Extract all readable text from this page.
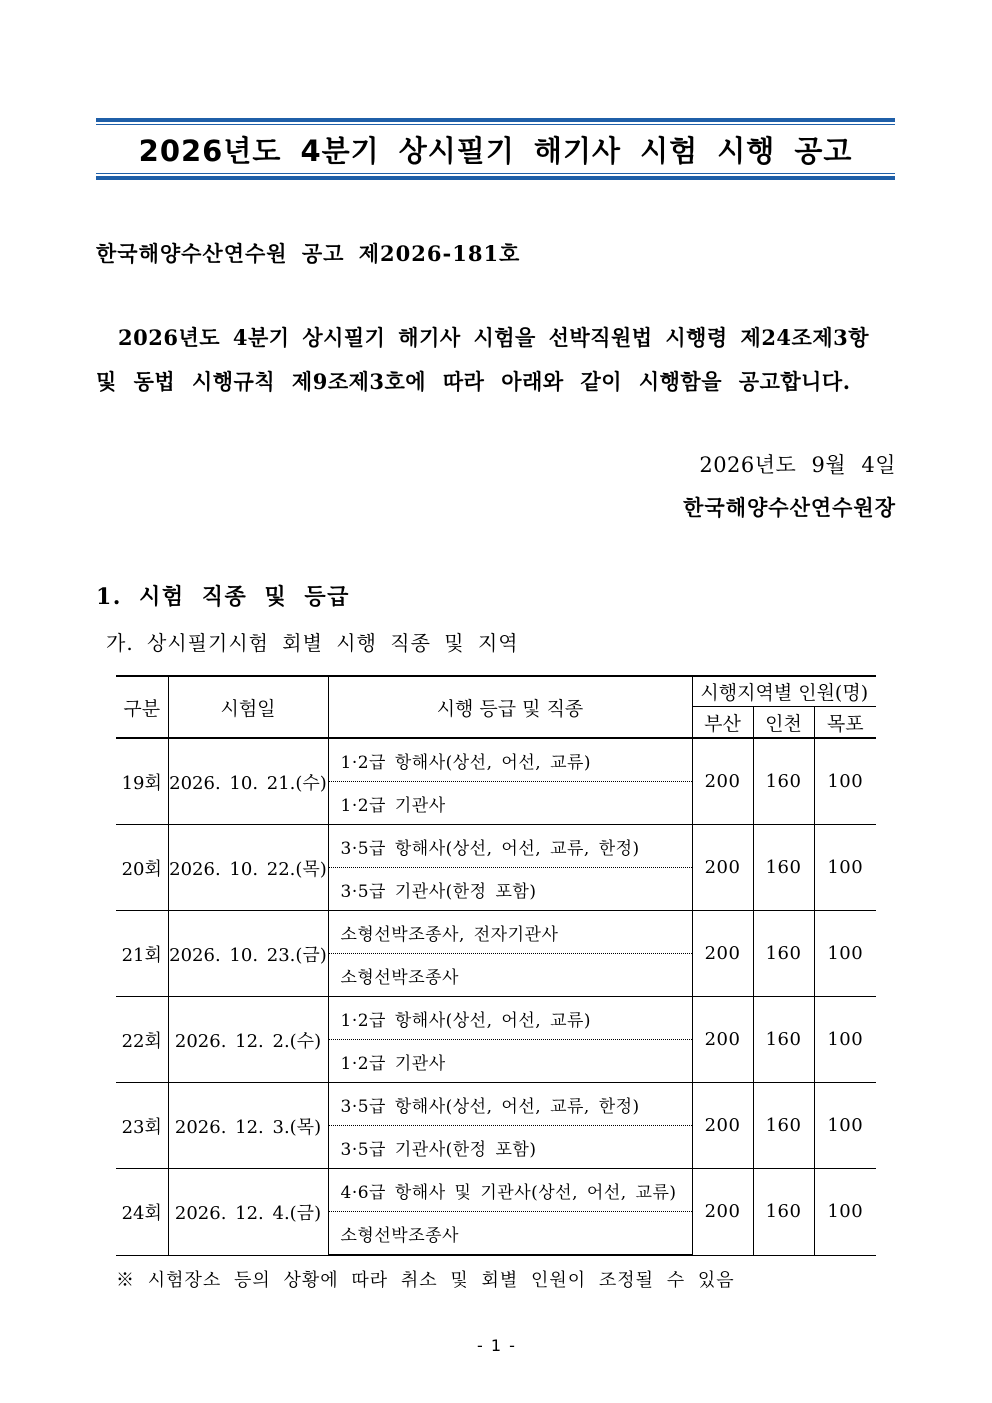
2026년도 4분기 상시필기 해기사 시험 시행 공고
한국해양수산연수원 공고 제2026-181호
2026년도 4분기 상시필기 해기사 시험을 선박직원법 시행령 제24조제3항
및 동법 시행규칙 제9조제3호에 따라 아래와 같이 시행함을 공고합니다.
2026년도 9월 4일
한국해양수산연수원장
1. 시험 직종 및 등급
가. 상시필기시험 회별 시행 직종 및 지역
구분	시험일	시행 등급 및 직종	시행지역별 인원(명)		
			부산	인천	목포
19회	2026. 10. 21.(수)	1·2급 항해사(상선, 어선, 교류)	200	160	100
		1·2급 기관사			
20회	2026. 10. 22.(목)	3·5급 항해사(상선, 어선, 교류, 한정)	200	160	100
		3·5급 기관사(한정 포함)			
21회	2026. 10. 23.(금)	소형선박조종사, 전자기관사	200	160	100
		소형선박조종사			
22회	2026. 12. 2.(수)	1·2급 항해사(상선, 어선, 교류)	200	160	100
		1·2급 기관사			
23회	2026. 12. 3.(목)	3·5급 항해사(상선, 어선, 교류, 한정)	200	160	100
		3·5급 기관사(한정 포함)			
24회	2026. 12. 4.(금)	4·6급 항해사 및 기관사(상선, 어선, 교류)	200	160	100
		소형선박조종사			
※ 시험장소 등의 상황에 따라 취소 및 회별 인원이 조정될 수 있음
- 1 -
